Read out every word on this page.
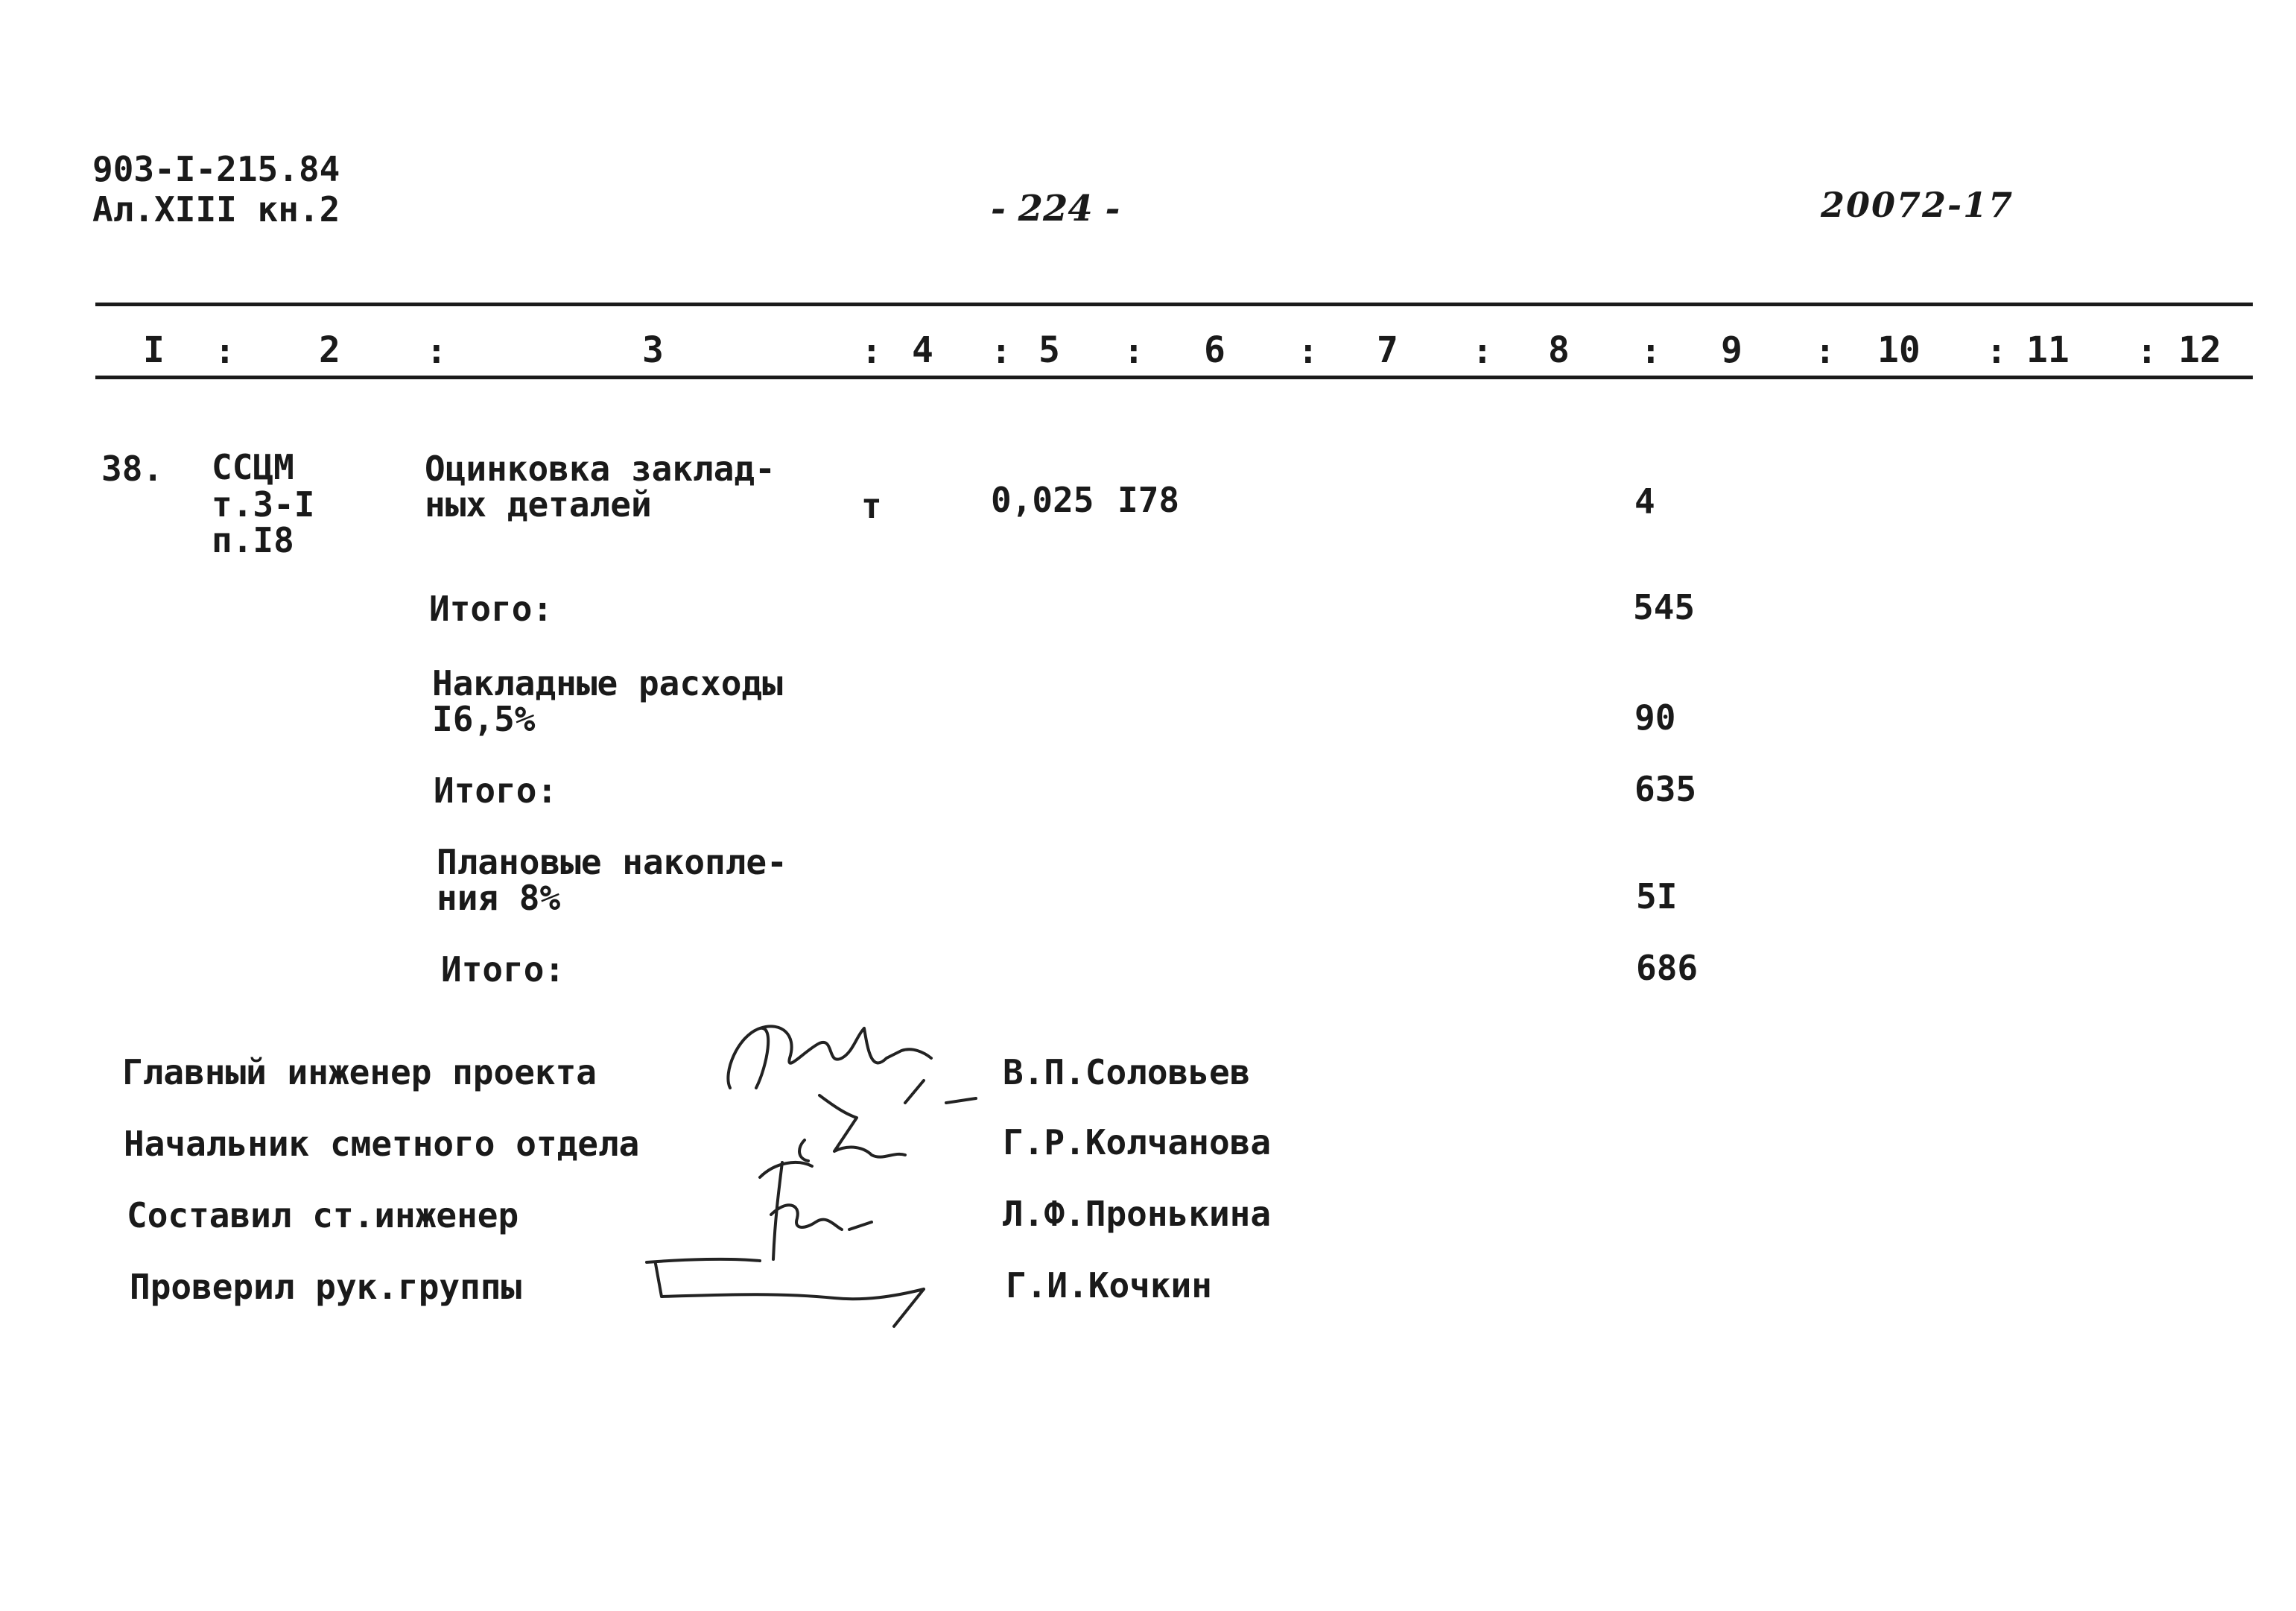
903-I-215.84
Ал.XIII кн.2	- 224 -	20072-17
I : 2	:	3	: 4 : 5 : 6 : 7 : 8 : 9 : 10 : 11 : 12
38. ССЦМ
т.3-I
п.I8
Оцинковка заклад-
ных деталей	т	0,025 I78	4
Итого:	545
Накладные расходы
I6,5%	90
Итого:	635
Плановые накопле-
ния 8%	5I
Итого:	686
Главный инженер проекта	В.П.Соловьев
Начальник сметного отдела	Г.Р.Колчанова
Составил ст.инженер	Л.Ф.Пронькина
Проверил рук.группы	Г.И.Кочкин
